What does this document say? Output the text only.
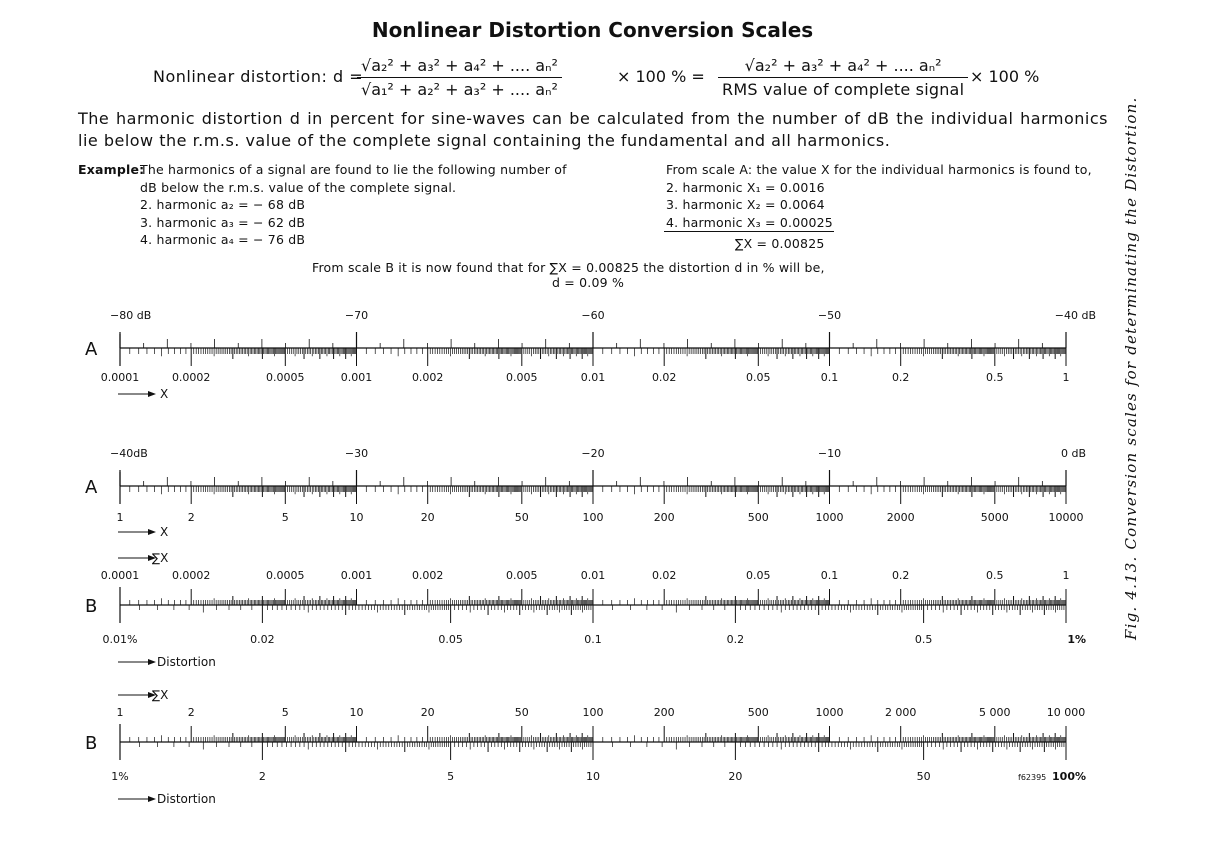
Nonlinear Distortion Conversion Scales
Nonlinear distortion: d =
$\frac{\text{√a₂² + a₃² + a₄² + .... aₙ²}}{\text{√a₁² + a₂² + a₃² + .... aₙ²}}$	× 100 % =
√a₂² + a₃² + a₄² + .... aₙ²
RMS value of complete signal
× 100 %
The harmonic distortion d in percent for sine-waves can be calculated from the number of dB the individual harmonics lie below the r.m.s. value of the complete signal containing the fundamental and all harmonics.
Example:
The harmonics of a signal are found to lie the following number of
dB below the r.m.s. value of the complete signal.
2. harmonic a₂ = − 68 dB
3. harmonic a₃ = − 62 dB
4. harmonic a₄ = − 76 dB
From scale A: the value X for the individual harmonics is found to,
2. harmonic X₁ = 0.0016
3. harmonic X₂ = 0.0064
4. harmonic X₃ = 0.00025
∑X = 0.00825
From scale B it is now found that for ∑X = 0.00825 the distortion d in % will be,
d = 0.09 %
−80 dB	−70	−60	−50	−40 dB
0.0001	0.0002	0.0005	0.001	0.002	0.005	0.01	0.02	0.05	0.1	0.2	0.5	1
A
X
−40dB	−30	−20	−10	0 dB
1	2	5	10	20	50	100	200	500	1000	2000	5000	10000
A
X
∑X
0.0001	0.0002	0.0005	0.001	0.002	0.005	0.01	0.02	0.05	0.1	0.2	0.5	1
0.01%	0.02	0.05	0.1	0.2	0.5	1%
B
Distortion
∑X
1	2	5	10	20	50	100	200	500	1000	2 000	5 000	10 000
1%	2	5	10	20	50	100%
B
Distortion
f62395
Fig. 4.13. Conversion scales for determinating the Distortion.
